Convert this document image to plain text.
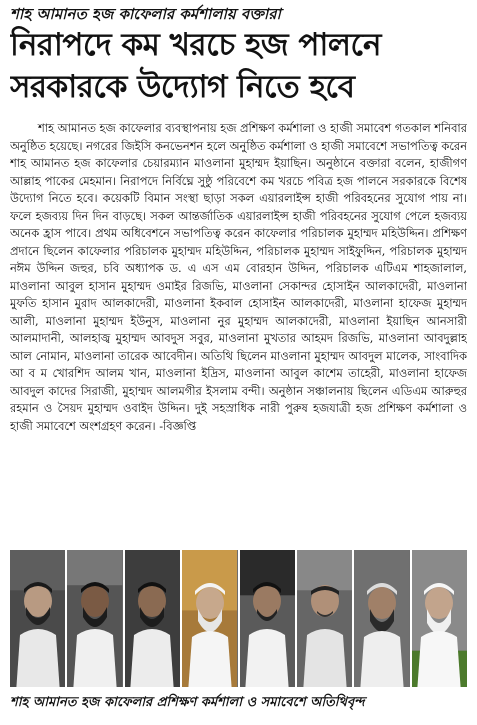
শাহ আমানত হজ কাফেলার কর্মশালায় বক্তারা
নিরাপদে কম খরচে হজ পালনে
সরকারকে উদ্যোগ নিতে হবে
শাহ আমানত হজ কাফেলার ব্যবস্থাপনায় হজ প্রশিক্ষণ কর্মশালা ও হাজী সমাবেশ গতকাল শনিবার অনুষ্ঠিত হয়েছে। নগরের জিইসি কনভেনশন হলে অনুষ্ঠিত কর্মশালা ও হাজী সমাবেশে সভাপতিত্ব করেন শাহ আমানত হজ কাফেলার চেয়ারম্যান মাওলানা মুহাম্মদ ইয়াছিন। অনুষ্ঠানে বক্তারা বলেন, হাজীগণ আল্লাহ পাকের মেহমান। নিরাপদে নির্বিঘ্নে সুষ্ঠু পরিবেশে কম খরচে পবিত্র হজ পালনে সরকারকে বিশেষ উদ্যোগ নিতে হবে। কয়েকটি বিমান সংস্থা ছাড়া সকল এয়ারলাইন্স হাজী পরিবহনের সুযোগ পায় না। ফলে হজব্যয় দিন দিন বাড়ছে। সকল আন্তর্জাতিক এয়ারলাইন্স হাজী পরিবহনের সুযোগ পেলে হজব্যয় অনেক হ্রাস পাবে। প্রথম অধিবেশনে সভাপতিত্ব করেন কাফেলার পরিচালক মুহাম্মদ মহিউদ্দিন। প্রশিক্ষণ প্রদানে ছিলেন কাফেলার পরিচালক মুহাম্মদ মহিউদ্দিন, পরিচালক মুহাম্মদ সাইফুদ্দিন, পরিচালক মুহাম্মদ নঈম উদ্দিন জহুর, চবি অধ্যাপক ড. এ এস এম বোরহান উদ্দিন, পরিচালক এটিএম শাহজালাল, মাওলানা আবুল হাসান মুহাম্মদ ওমাইর রিজভি, মাওলানা সেকান্দর হোসাইন আলকাদেরী, মাওলানা মুফতি হাসান মুরাদ আলকাদেরী, মাওলানা ইকবাল হোসাইন আলকাদেরী, মাওলানা হাফেজ মুহাম্মদ আলী, মাওলানা মুহাম্মদ ইউনুস, মাওলানা নুর মুহাম্মদ আলকাদেরী, মাওলানা ইয়াছিন আনসারী আলমাদানী, আলহাজ্ব মুহাম্মদ আবদুস সবুর, মাওলানা মুখতার আহমদ রিজভি, মাওলানা আবদুল্লাহ আল নোমান, মাওলানা তারেক আবেদীন। অতিথি ছিলেন মাওলানা মুহাম্মদ আবদুল মালেক, সাংবাদিক আ ব ম খোরশিদ আলম খান, মাওলানা ইদ্রিস, মাওলানা আবুল কাশেম তাহেরী, মাওলানা হাফেজ আবদুল কাদের সিরাজী, মুহাম্মদ আলমগীর ইসলাম বন্দী। অনুষ্ঠান সঞ্চালনায় ছিলেন এডিএম আরুহুর রহমান ও সৈয়দ মুহাম্মদ ওবাইদ উদ্দিন। দুই সহস্রাধিক নারী পুরুষ হজযাত্রী হজ প্রশিক্ষণ কর্মশালা ও হাজী সমাবেশে অংশগ্রহণ করেন। -বিজ্ঞপ্তি
শাহ আমানত হজ কাফেলার প্রশিক্ষণ কর্মশালা ও সমাবেশে অতিথিবৃন্দ
